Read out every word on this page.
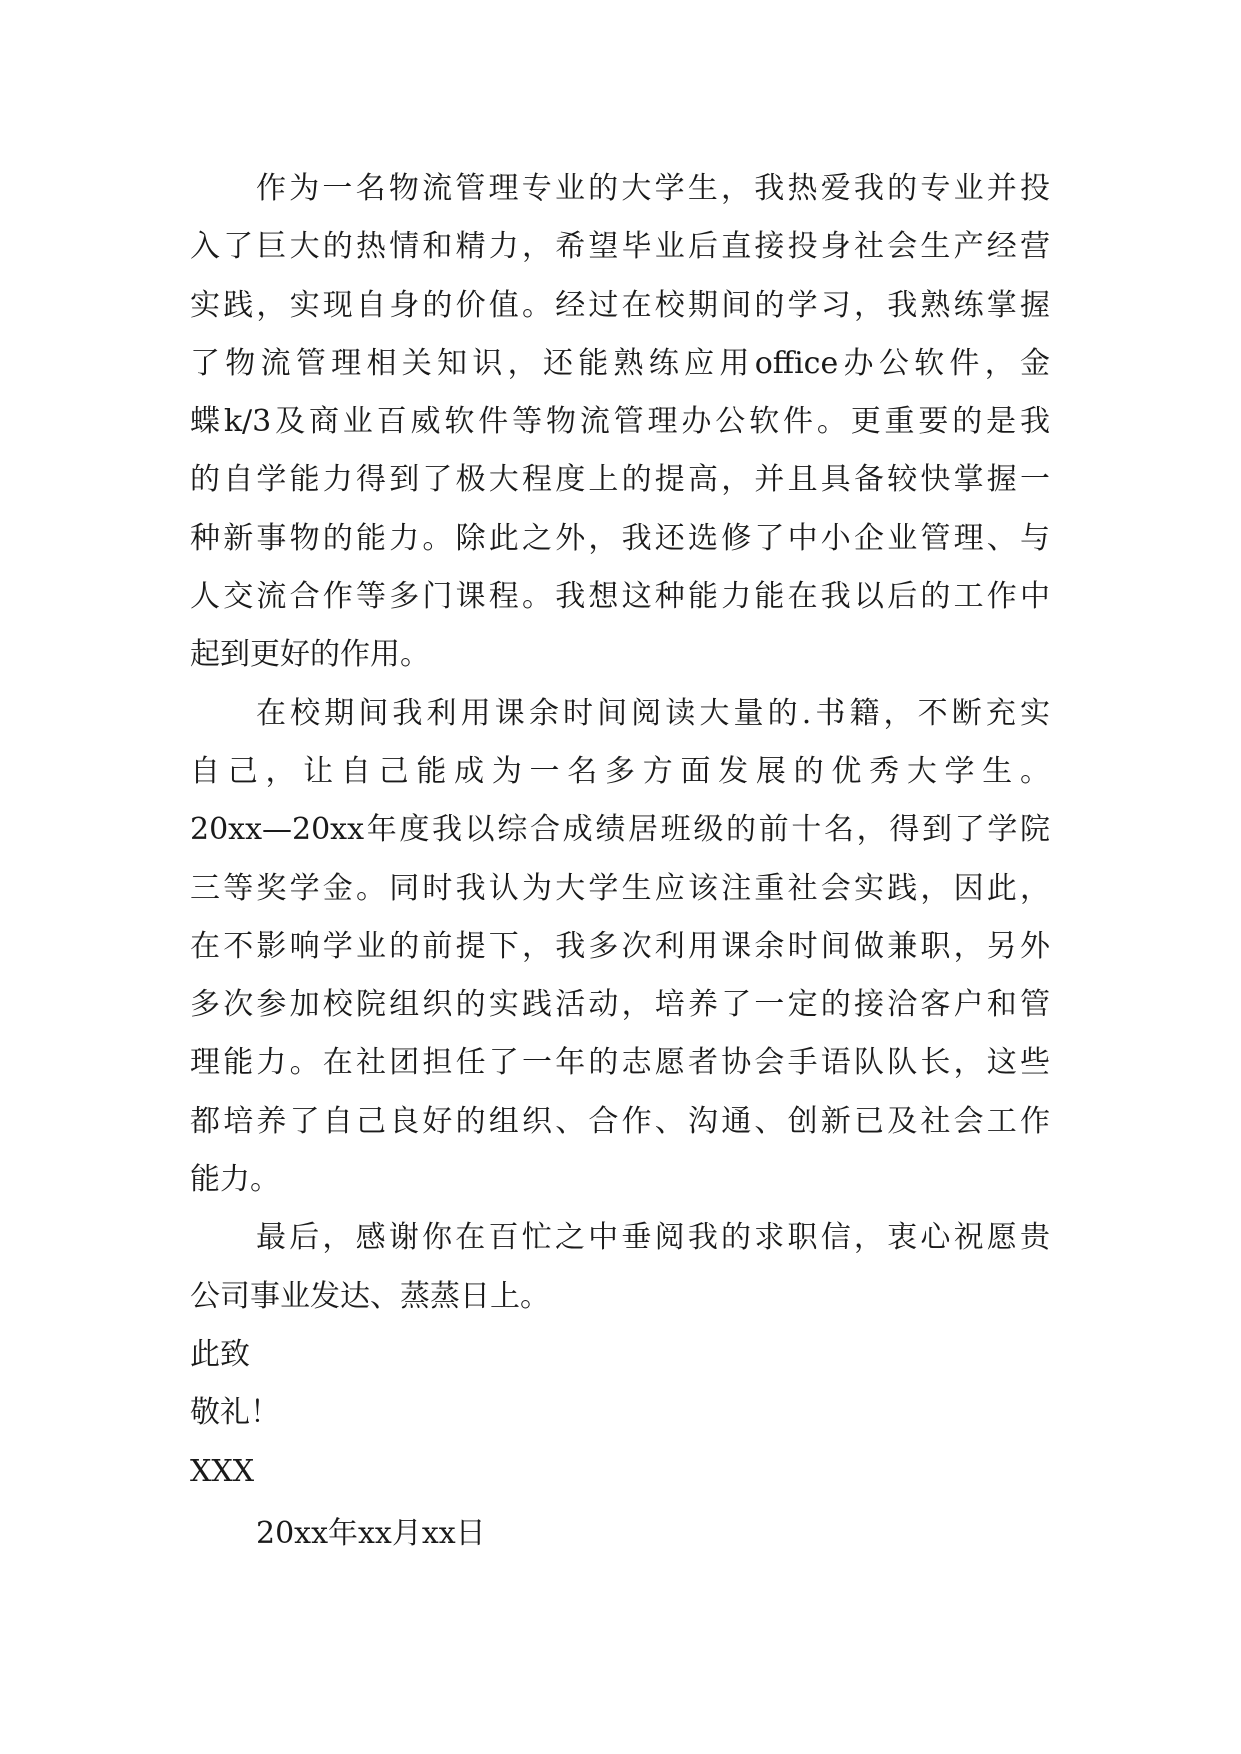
作为一名物流管理专业的大学生，我热爱我的专业并投
入了巨大的热情和精力，希望毕业后直接投身社会生产经营
实践，实现自身的价值。经过在校期间的学习，我熟练掌握
了物流管理相关知识，还能熟练应用office办公软件，金
蝶k/3及商业百威软件等物流管理办公软件。更重要的是我
的自学能力得到了极大程度上的提高，并且具备较快掌握一
种新事物的能力。除此之外，我还选修了中小企业管理、与
人交流合作等多门课程。我想这种能力能在我以后的工作中
起到更好的作用。
在校期间我利用课余时间阅读大量的.书籍，不断充实
自己，让自己能成为一名多方面发展的优秀大学生。
20xx—20xx年度我以综合成绩居班级的前十名，得到了学院
三等奖学金。同时我认为大学生应该注重社会实践，因此，
在不影响学业的前提下，我多次利用课余时间做兼职，另外
多次参加校院组织的实践活动，培养了一定的接洽客户和管
理能力。在社团担任了一年的志愿者协会手语队队长，这些
都培养了自己良好的组织、合作、沟通、创新已及社会工作
能力。
最后，感谢你在百忙之中垂阅我的求职信，衷心祝愿贵
公司事业发达、蒸蒸日上。
此致
敬礼！
XXX
20xx年xx月xx日
